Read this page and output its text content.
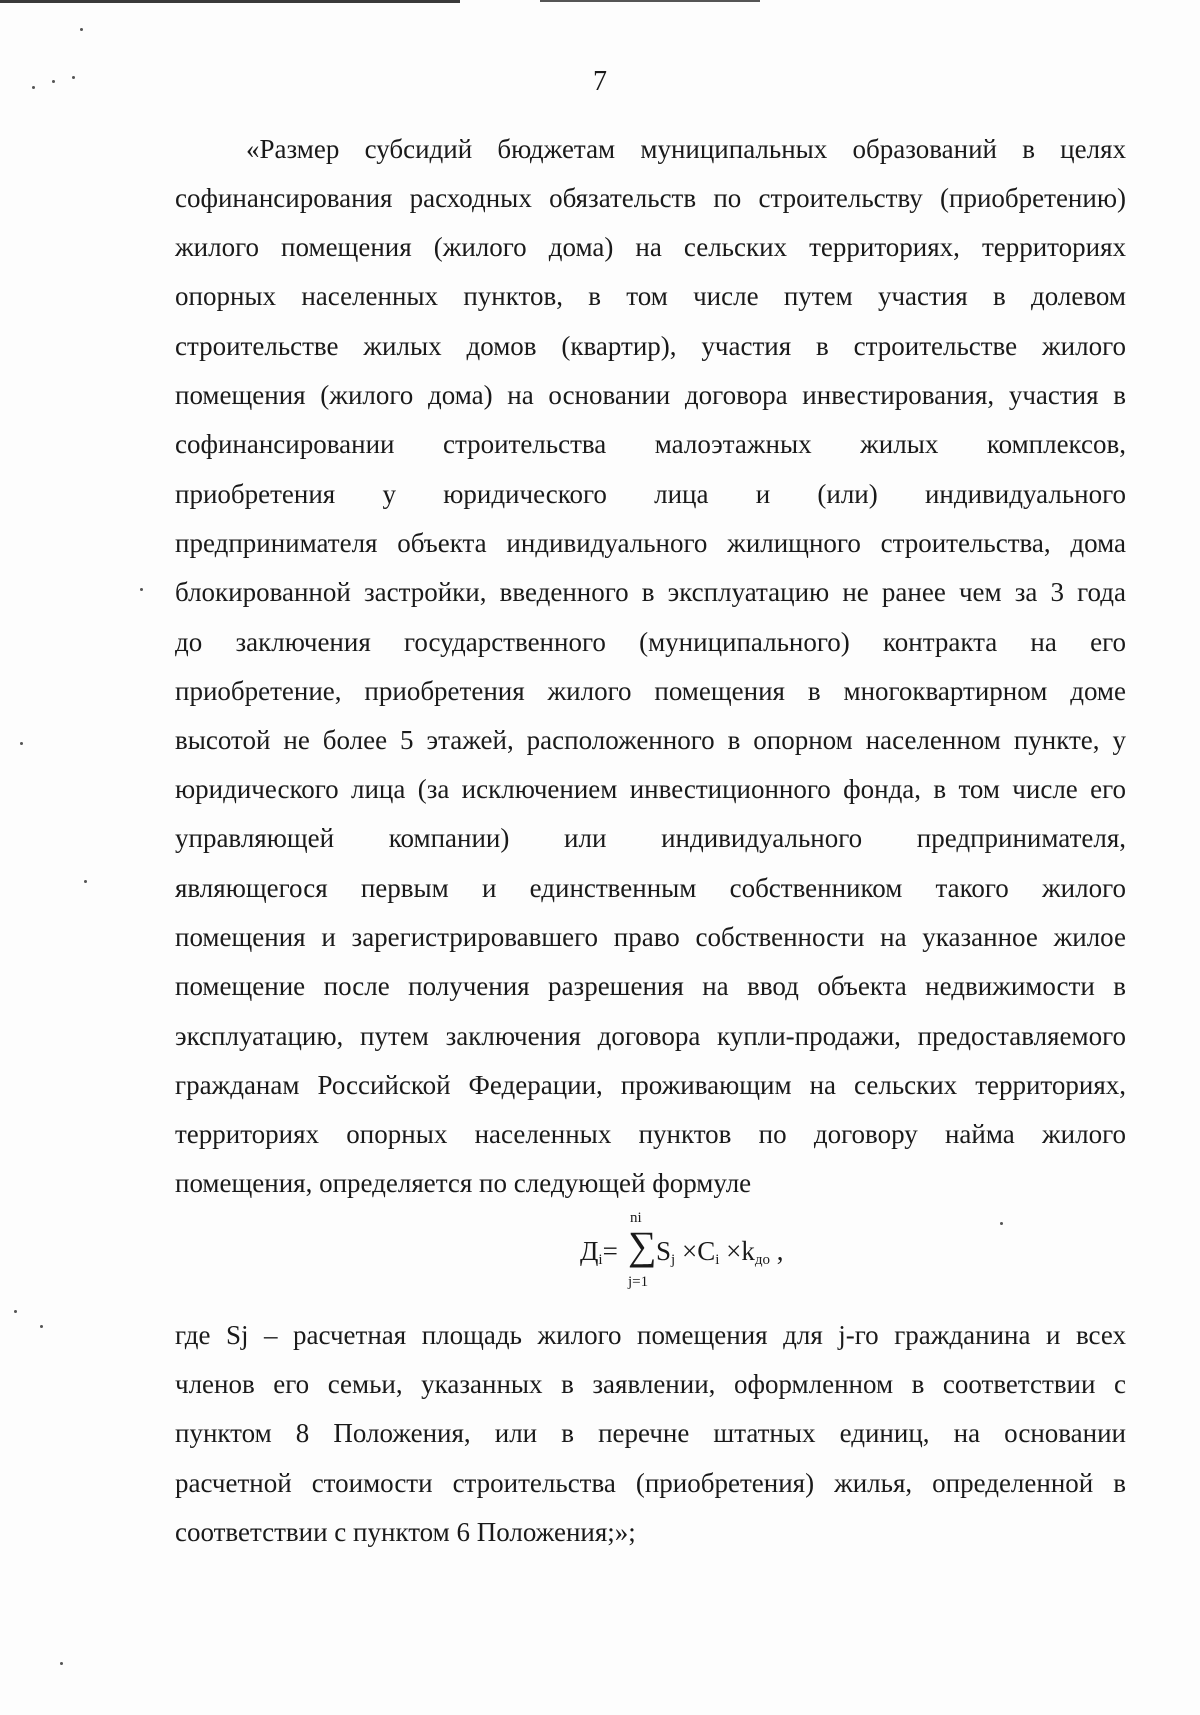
7
«Размер субсидий бюджетам муниципальных образований в целях
софинансирования расходных обязательств по строительству (приобретению)
жилого помещения (жилого дома) на сельских территориях, территориях
опорных населенных пунктов, в том числе путем участия в долевом
строительстве жилых домов (квартир), участия в строительстве жилого
помещения (жилого дома) на основании договора инвестирования, участия в
софинансировании строительства малоэтажных жилых комплексов,
приобретения у юридического лица и (или) индивидуального
предпринимателя объекта индивидуального жилищного строительства, дома
блокированной застройки, введенного в эксплуатацию не ранее чем за 3 года
до заключения государственного (муниципального) контракта на его
приобретение, приобретения жилого помещения в многоквартирном доме
высотой не более 5 этажей, расположенного в опорном населенном пункте, у
юридического лица (за исключением инвестиционного фонда, в том числе его
управляющей компании) или индивидуального предпринимателя,
являющегося первым и единственным собственником такого жилого
помещения и зарегистрировавшего право собственности на указанное жилое
помещение после получения разрешения на ввод объекта недвижимости в
эксплуатацию, путем заключения договора купли-продажи, предоставляемого
гражданам Российской Федерации, проживающим на сельских территориях,
территориях опорных населенных пунктов по договору найма жилого
помещения, определяется по следующей формуле
$Д_i=$
ni
∑
j=1
$S_j \times C_i \times k_{до}$ ,
где Sj – расчетная площадь жилого помещения для j-го гражданина и всех
членов его семьи, указанных в заявлении, оформленном в соответствии с
пунктом 8 Положения, или в перечне штатных единиц, на основании
расчетной стоимости строительства (приобретения) жилья, определенной в
соответствии с пунктом 6 Положения;»;
